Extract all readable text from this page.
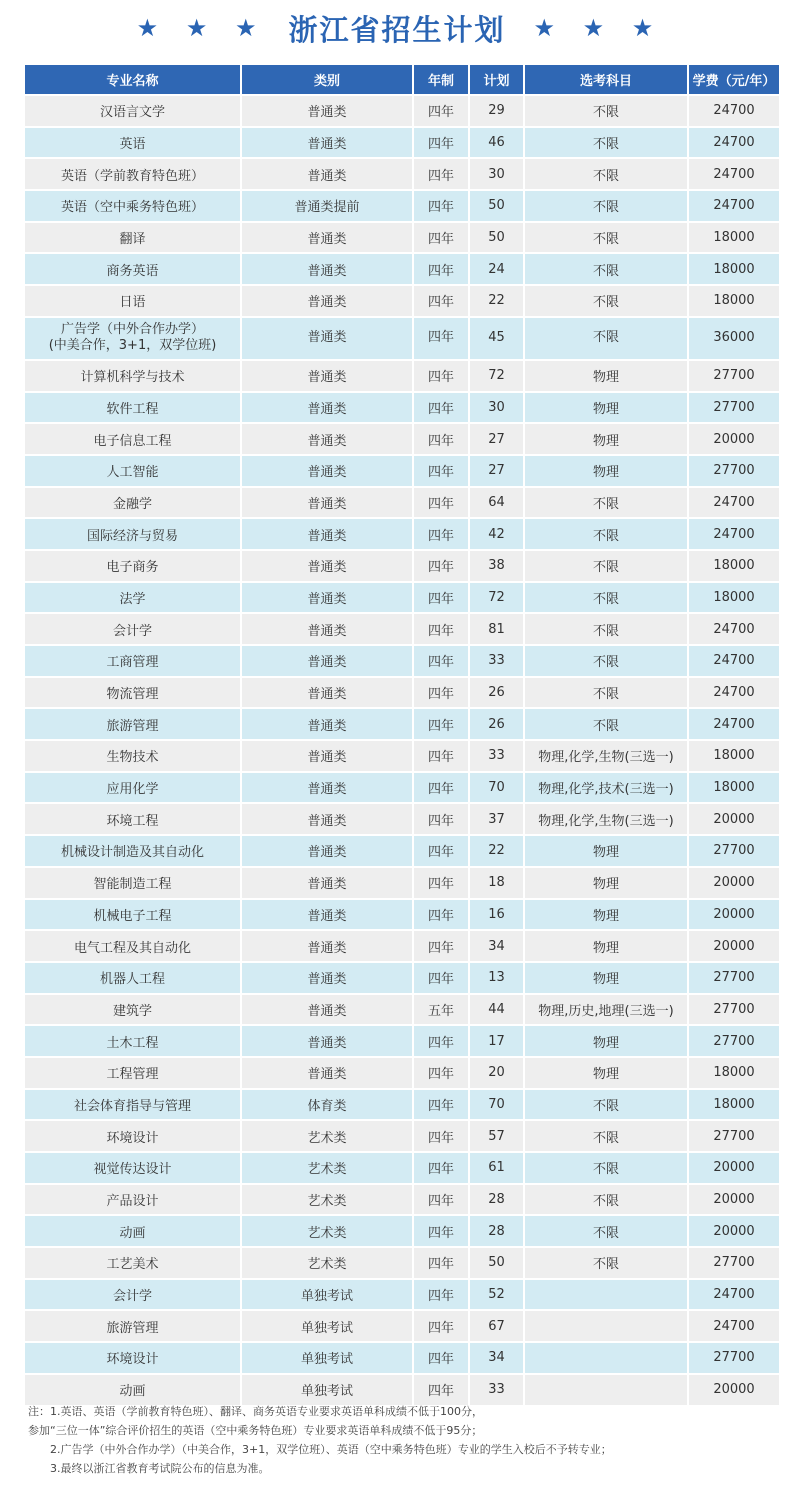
★ ★ ★ 浙江省招生计划 ★ ★ ★
专业名称	类别	年制	计划	选考科目	学费（元/年）
汉语言文学	普通类	四年	29	不限	24700
英语	普通类	四年	46	不限	24700
英语（学前教育特色班）	普通类	四年	30	不限	24700
英语（空中乘务特色班）	普通类提前	四年	50	不限	24700
翻译	普通类	四年	50	不限	18000
商务英语	普通类	四年	24	不限	18000
日语	普通类	四年	22	不限	18000
广告学（中外合作办学）
(中美合作，3+1，双学位班)	普通类	四年	45	不限	36000
计算机科学与技术	普通类	四年	72	物理	27700
软件工程	普通类	四年	30	物理	27700
电子信息工程	普通类	四年	27	物理	20000
人工智能	普通类	四年	27	物理	27700
金融学	普通类	四年	64	不限	24700
国际经济与贸易	普通类	四年	42	不限	24700
电子商务	普通类	四年	38	不限	18000
法学	普通类	四年	72	不限	18000
会计学	普通类	四年	81	不限	24700
工商管理	普通类	四年	33	不限	24700
物流管理	普通类	四年	26	不限	24700
旅游管理	普通类	四年	26	不限	24700
生物技术	普通类	四年	33	物理,化学,生物(三选一)	18000
应用化学	普通类	四年	70	物理,化学,技术(三选一)	18000
环境工程	普通类	四年	37	物理,化学,生物(三选一)	20000
机械设计制造及其自动化	普通类	四年	22	物理	27700
智能制造工程	普通类	四年	18	物理	20000
机械电子工程	普通类	四年	16	物理	20000
电气工程及其自动化	普通类	四年	34	物理	20000
机器人工程	普通类	四年	13	物理	27700
建筑学	普通类	五年	44	物理,历史,地理(三选一)	27700
土木工程	普通类	四年	17	物理	27700
工程管理	普通类	四年	20	物理	18000
社会体育指导与管理	体育类	四年	70	不限	18000
环境设计	艺术类	四年	57	不限	27700
视觉传达设计	艺术类	四年	61	不限	20000
产品设计	艺术类	四年	28	不限	20000
动画	艺术类	四年	28	不限	20000
工艺美术	艺术类	四年	50	不限	27700
会计学	单独考试	四年	52		24700
旅游管理	单独考试	四年	67		24700
环境设计	单独考试	四年	34		27700
动画	单独考试	四年	33		20000
注：1.英语、英语（学前教育特色班）、翻译、商务英语专业要求英语单科成绩不低于100分，
参加“三位一体”综合评价招生的英语（空中乘务特色班）专业要求英语单科成绩不低于95分；
2.广告学（中外合作办学）（中美合作，3+1，双学位班）、英语（空中乘务特色班）专业的学生入校后不予转专业；
3.最终以浙江省教育考试院公布的信息为准。
